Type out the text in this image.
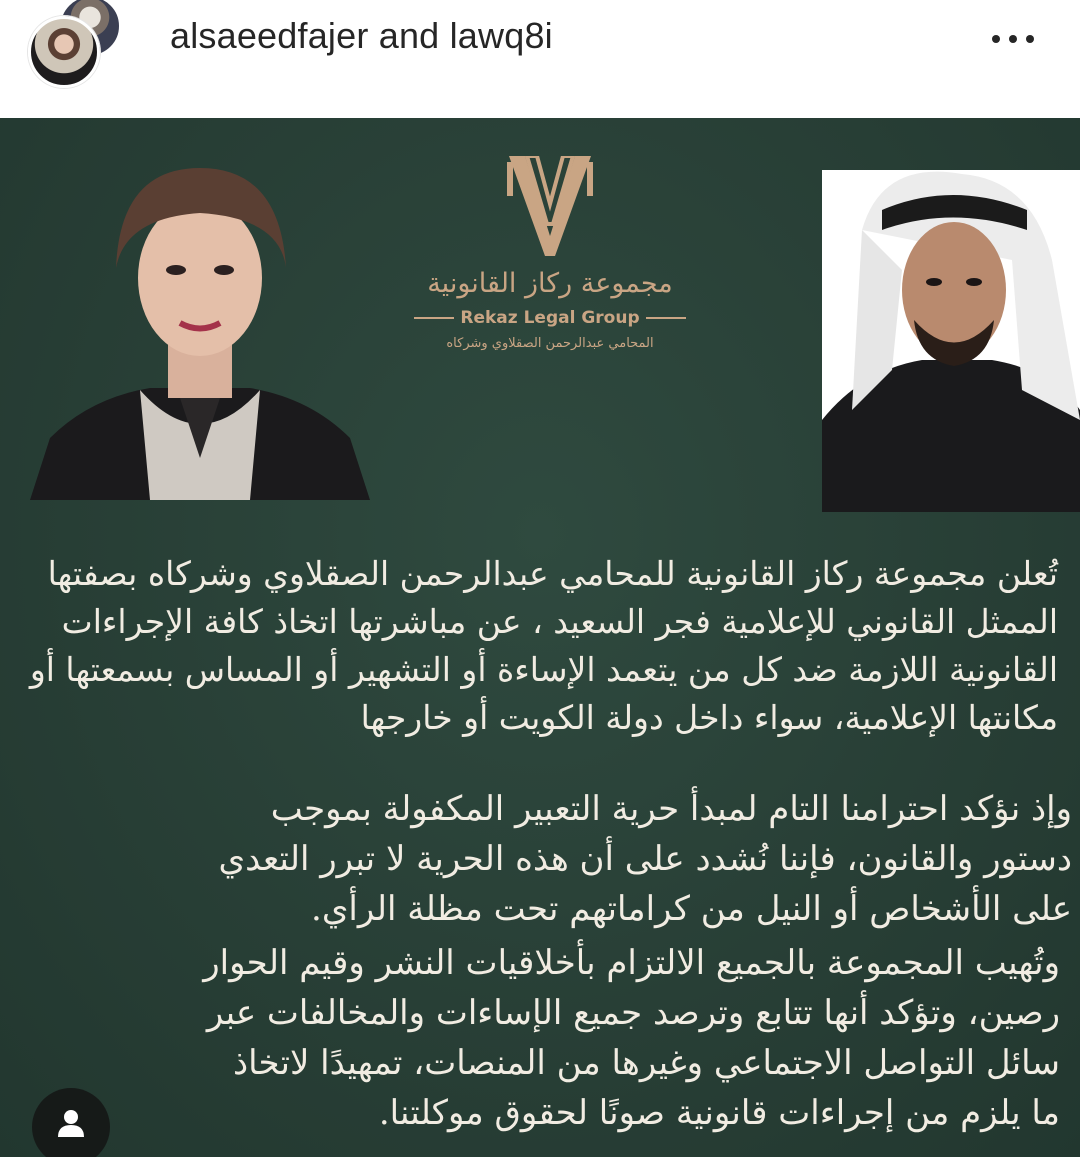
alsaeedfajer and lawq8i
مجموعة ركاز القانونية
Rekaz Legal Group
المحامي عبدالرحمن الصقلاوي وشركاه

تُعلن مجموعة ركاز القانونية للمحامي عبدالرحمن الصقلاوي وشركاه بصفتها

الممثل القانوني للإعلامية فجر السعيد ، عن مباشرتها اتخاذ كافة الإجراءات

القانونية اللازمة ضد كل من يتعمد الإساءة أو التشهير أو المساس بسمعتها أو

مكانتها الإعلامية، سواء داخل دولة الكويت أو خارجها

وإذ نؤكد احترامنا التام لمبدأ حرية التعبير المكفولة بموجب

دستور والقانون، فإننا نُشدد على أن هذه الحرية لا تبرر التعدي

على الأشخاص أو النيل من كراماتهم تحت مظلة الرأي.

وتُهيب المجموعة بالجميع الالتزام بأخلاقيات النشر وقيم الحوار

رصين، وتؤكد أنها تتابع وترصد جميع الإساءات والمخالفات عبر

سائل التواصل الاجتماعي وغيرها من المنصات، تمهيدًا لاتخاذ

ما يلزم من إجراءات قانونية صونًا لحقوق موكلتنا.
